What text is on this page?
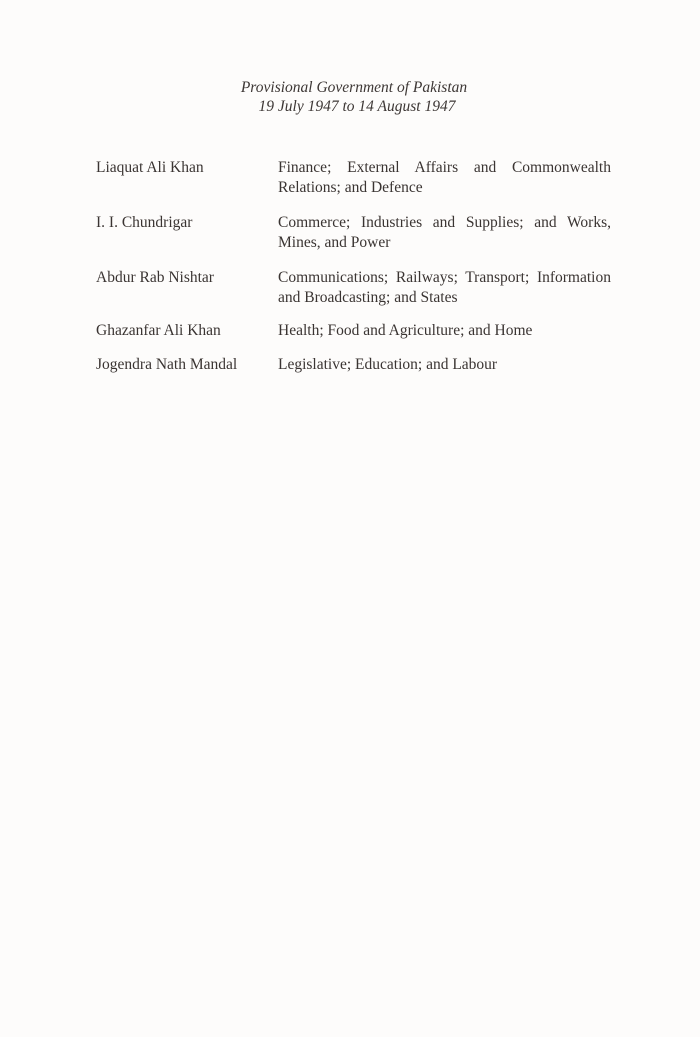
Provisional Government of Pakistan
19 July 1947 to 14 August 1947
Liaquat Ali Khan	Finance; External Affairs and Commonwealth Relations; and Defence
I. I. Chundrigar	Commerce; Industries and Supplies; and Works, Mines, and Power
Abdur Rab Nishtar	Communications; Railways; Transport; Information and Broadcasting; and States
Ghazanfar Ali Khan	Health; Food and Agriculture; and Home
Jogendra Nath Mandal	Legislative; Education; and Labour
